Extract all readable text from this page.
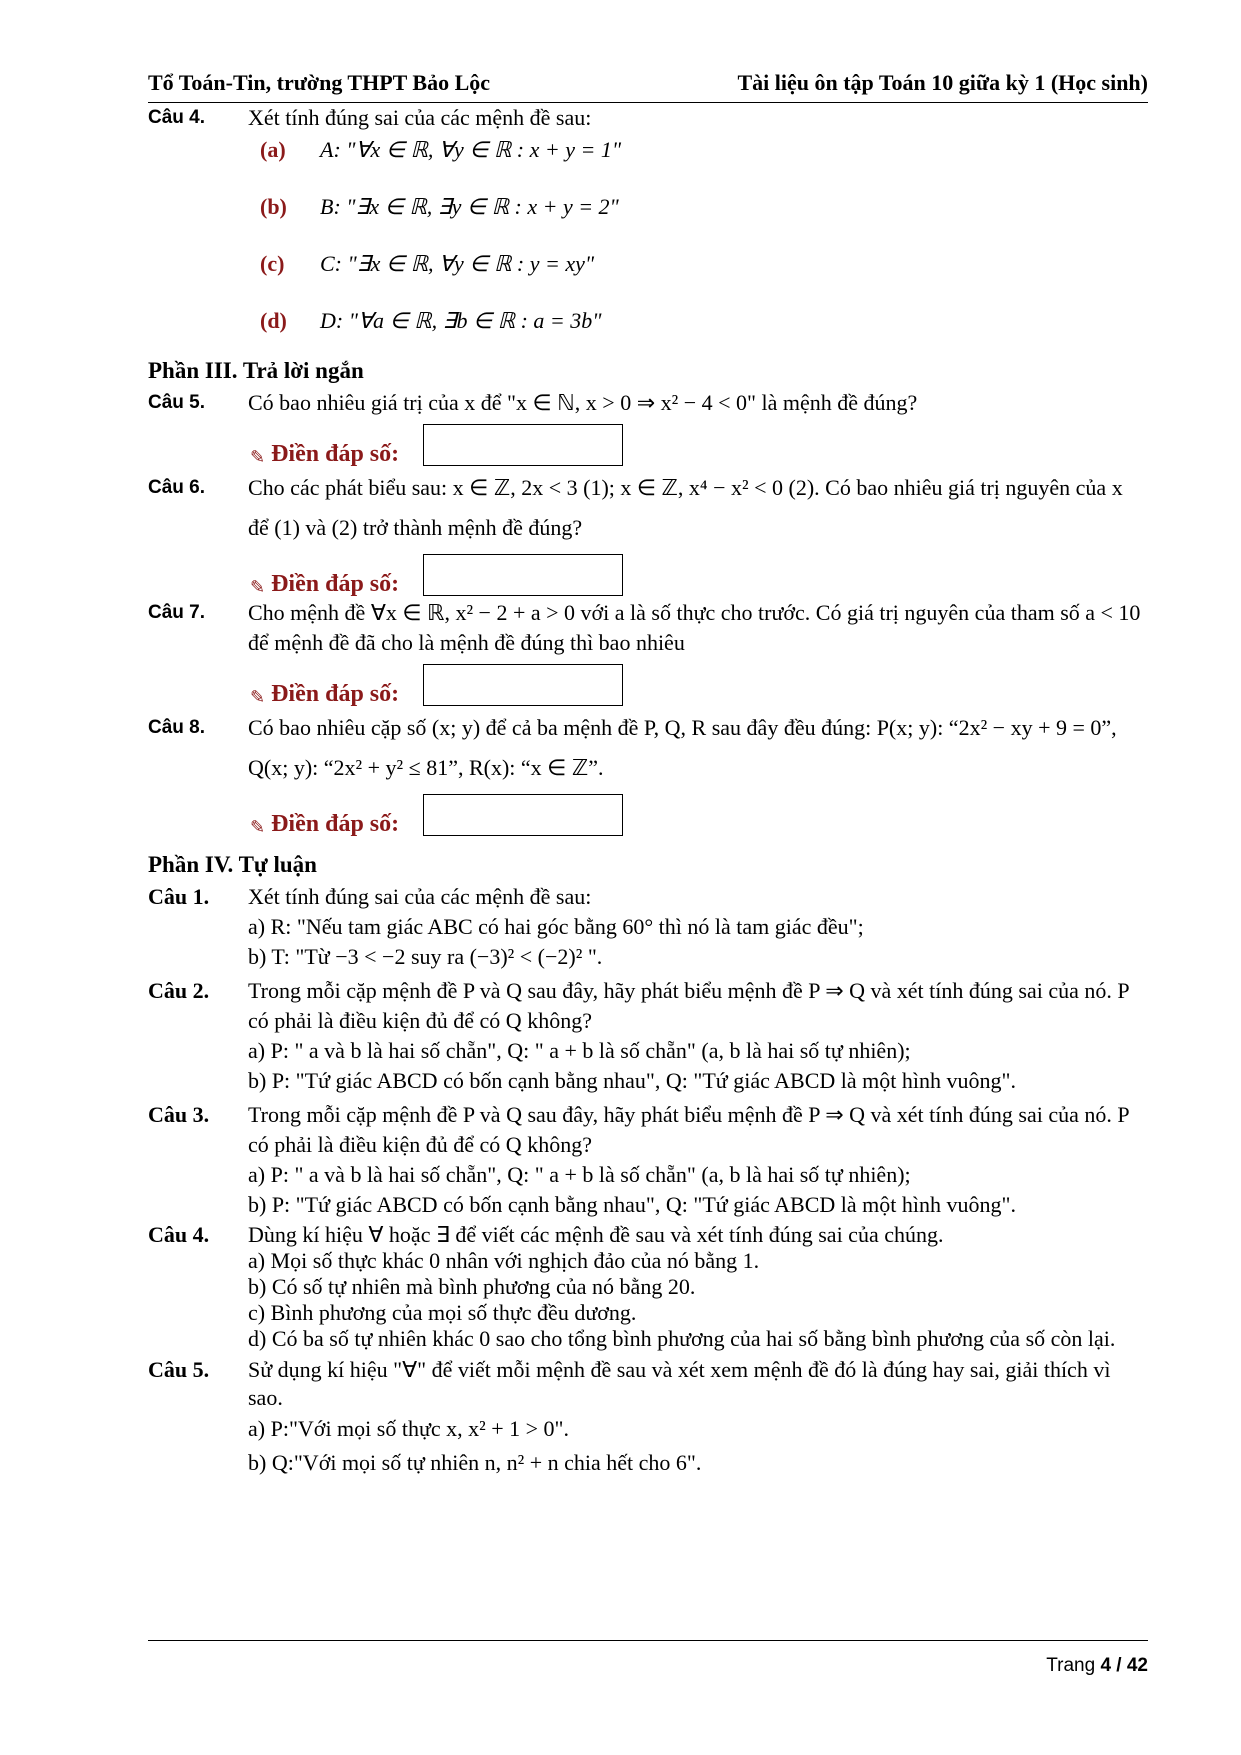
Tổ Toán-Tin, trường THPT Bảo Lộc	Tài liệu ôn tập Toán 10 giữa kỳ 1 (Học sinh)
Câu 4.	Xét tính đúng sai của các mệnh đề sau:
(a)	A: "∀x ∈ ℝ, ∀y ∈ ℝ : x + y = 1"
(b)	B: "∃x ∈ ℝ, ∃y ∈ ℝ : x + y = 2"
(c)	C: "∃x ∈ ℝ, ∀y ∈ ℝ : y = xy"
(d)	D: "∀a ∈ ℝ, ∃b ∈ ℝ : a = 3b"
Phần III. Trả lời ngắn
Câu 5.	Có bao nhiêu giá trị của x để "x ∈ ℕ, x > 0 ⇒ x² − 4 < 0" là mệnh đề đúng?
✎ Điền đáp số:
Câu 6.	Cho các phát biểu sau: x ∈ ℤ, 2x < 3 (1); x ∈ ℤ, x⁴ − x² < 0 (2). Có bao nhiêu giá trị nguyên của x để (1) và (2) trở thành mệnh đề đúng?
✎ Điền đáp số:
Câu 7.	Cho mệnh đề ∀x ∈ ℝ, x² − 2 + a > 0 với a là số thực cho trước. Có giá trị nguyên của tham số a < 10 để mệnh đề đã cho là mệnh đề đúng thì bao nhiêu
✎ Điền đáp số:
Câu 8.	Có bao nhiêu cặp số (x; y) để cả ba mệnh đề P, Q, R sau đây đều đúng: P(x; y): “2x² − xy + 9 = 0”, Q(x; y): “2x² + y² ≤ 81”, R(x): “x ∈ ℤ”.
✎ Điền đáp số:
Phần IV. Tự luận
Câu 1.	Xét tính đúng sai của các mệnh đề sau:
a) R: "Nếu tam giác ABC có hai góc bằng 60° thì nó là tam giác đều";
b) T: "Từ −3 < −2 suy ra (−3)² < (−2)² ".
Câu 2.	Trong mỗi cặp mệnh đề P và Q sau đây, hãy phát biểu mệnh đề P ⇒ Q và xét tính đúng sai của nó. P có phải là điều kiện đủ để có Q không?
a) P: " a và b là hai số chẵn", Q: " a + b là số chẵn" (a, b là hai số tự nhiên);
b) P: "Tứ giác ABCD có bốn cạnh bằng nhau", Q: "Tứ giác ABCD là một hình vuông".
Câu 3.	Trong mỗi cặp mệnh đề P và Q sau đây, hãy phát biểu mệnh đề P ⇒ Q và xét tính đúng sai của nó. P có phải là điều kiện đủ để có Q không?
a) P: " a và b là hai số chẵn", Q: " a + b là số chẵn" (a, b là hai số tự nhiên);
b) P: "Tứ giác ABCD có bốn cạnh bằng nhau", Q: "Tứ giác ABCD là một hình vuông".
Câu 4.	Dùng kí hiệu ∀ hoặc ∃ để viết các mệnh đề sau và xét tính đúng sai của chúng.
a) Mọi số thực khác 0 nhân với nghịch đảo của nó bằng 1.
b) Có số tự nhiên mà bình phương của nó bằng 20.
c) Bình phương của mọi số thực đều dương.
d) Có ba số tự nhiên khác 0 sao cho tổng bình phương của hai số bằng bình phương của số còn lại.
Câu 5.	Sử dụng kí hiệu "∀" để viết mỗi mệnh đề sau và xét xem mệnh đề đó là đúng hay sai, giải thích vì sao.
a) P:"Với mọi số thực x, x² + 1 > 0".
b) Q:"Với mọi số tự nhiên n, n² + n chia hết cho 6".
Trang 4 / 42
